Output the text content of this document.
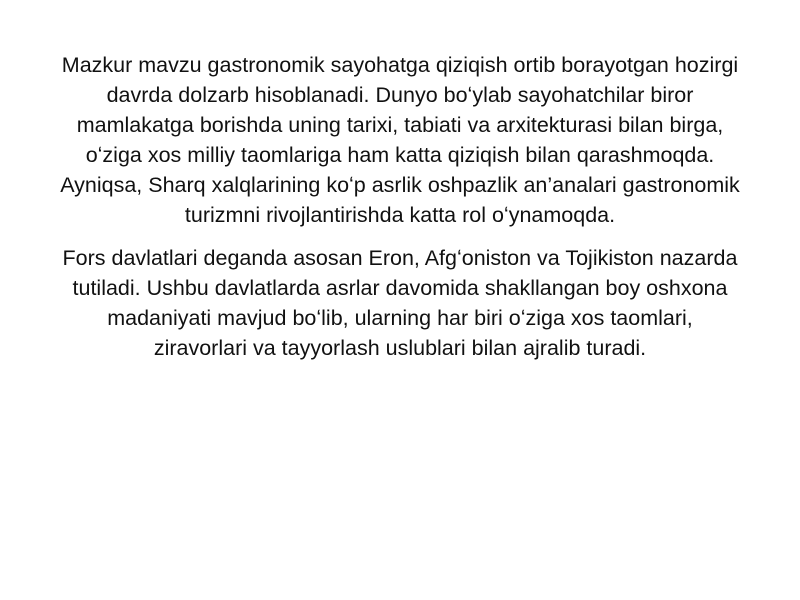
Mazkur mavzu gastronomik sayohatga qiziqish ortib borayotgan hozirgi davrda dolzarb hisoblanadi. Dunyo boʻylab sayohatchilar biror mamlakatga borishda uning tarixi, tabiati va arxitekturasi bilan birga, oʻziga xos milliy taomlariga ham katta qiziqish bilan qarashmoqda. Ayniqsa, Sharq xalqlarining koʻp asrlik oshpazlik an’analari gastronomik turizmni rivojlantirishda katta rol oʻynamoqda.

Fors davlatlari deganda asosan Eron, Afgʻoniston va Tojikiston nazarda tutiladi. Ushbu davlatlarda asrlar davomida shakllangan boy oshxona madaniyati mavjud boʻlib, ularning har biri oʻziga xos taomlari, ziravorlari va tayyorlash uslublari bilan ajralib turadi.
